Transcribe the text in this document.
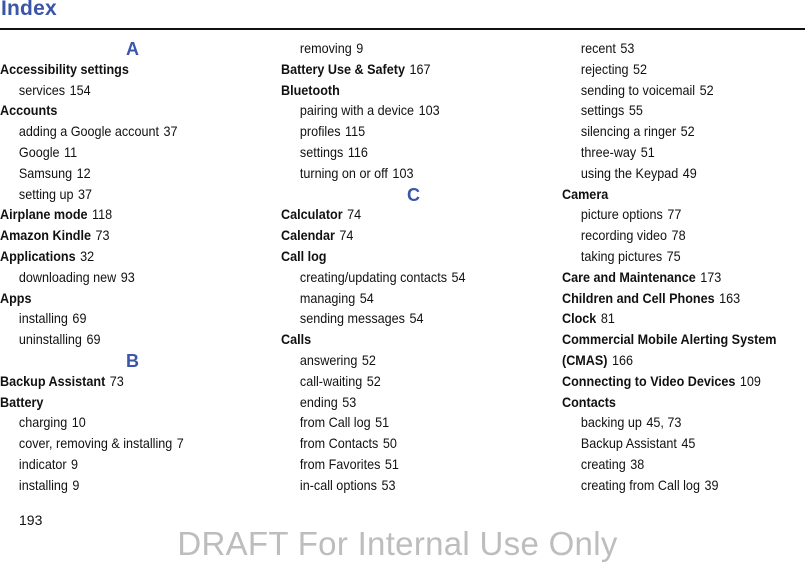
Index
A
Accessibility settings
services 154
Accounts
adding a Google account 37
Google 11
Samsung 12
setting up 37
Airplane mode 118
Amazon Kindle 73
Applications 32
downloading new 93
Apps
installing 69
uninstalling 69
B
Backup Assistant 73
Battery
charging 10
cover, removing & installing 7
indicator 9
installing 9
removing 9
Battery Use & Safety 167
Bluetooth
pairing with a device 103
profiles 115
settings 116
turning on or off 103
C
Calculator 74
Calendar 74
Call log
creating/updating contacts 54
managing 54
sending messages 54
Calls
answering 52
call-waiting 52
ending 53
from Call log 51
from Contacts 50
from Favorites 51
in-call options 53
recent 53
rejecting 52
sending to voicemail 52
settings 55
silencing a ringer 52
three-way 51
using the Keypad 49
Camera
picture options 77
recording video 78
taking pictures 75
Care and Maintenance 173
Children and Cell Phones 163
Clock 81
Commercial Mobile Alerting System
(CMAS) 166
Connecting to Video Devices 109
Contacts
backing up 45, 73
Backup Assistant 45
creating 38
creating from Call log 39
193
DRAFT For Internal Use Only
